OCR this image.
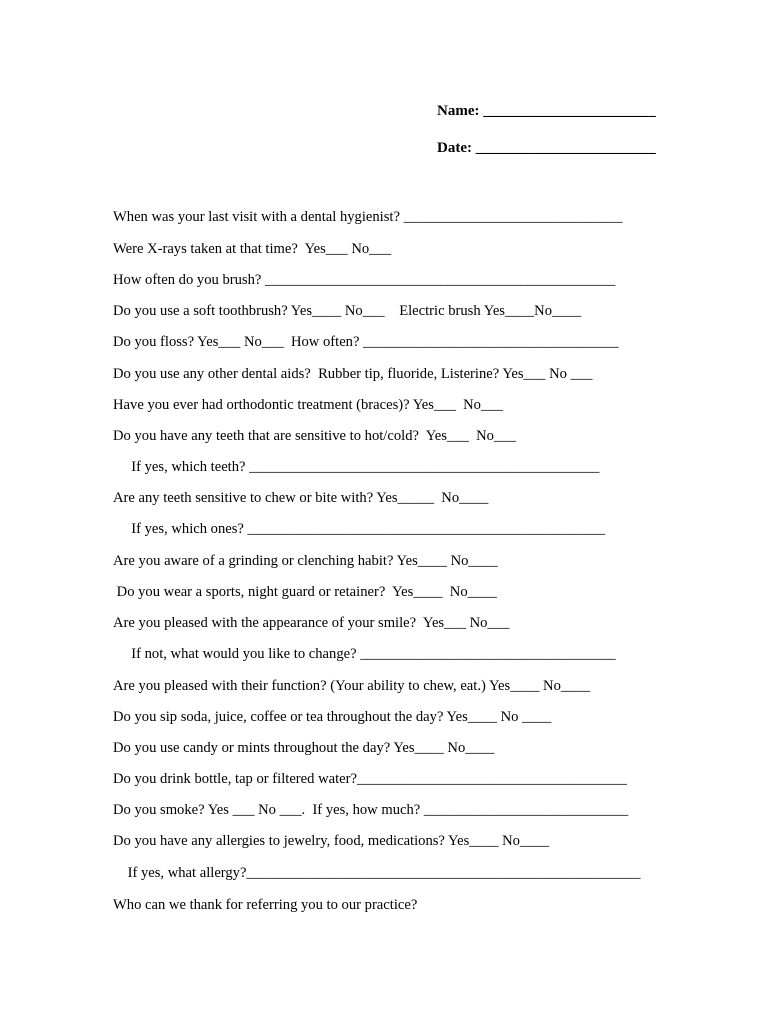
Name: _______________________
Date: ________________________
When was your last visit with a dental hygienist? ______________________________
Were X-rays taken at that time?  Yes___ No___
How often do you brush? ________________________________________________
Do you use a soft toothbrush? Yes____ No___    Electric brush Yes____No____
Do you floss? Yes___ No___  How often? ___________________________________
Do you use any other dental aids?  Rubber tip, fluoride, Listerine? Yes___ No ___
Have you ever had orthodontic treatment (braces)? Yes___  No___
Do you have any teeth that are sensitive to hot/cold?  Yes___  No___
If yes, which teeth? ________________________________________________
Are any teeth sensitive to chew or bite with? Yes_____  No____
If yes, which ones? _________________________________________________
Are you aware of a grinding or clenching habit? Yes____ No____
Do you wear a sports, night guard or retainer?  Yes____  No____
Are you pleased with the appearance of your smile?  Yes___ No___
If not, what would you like to change? ___________________________________
Are you pleased with their function? (Your ability to chew, eat.) Yes____ No____
Do you sip soda, juice, coffee or tea throughout the day? Yes____ No ____
Do you use candy or mints throughout the day? Yes____ No____
Do you drink bottle, tap or filtered water?_____________________________________
Do you smoke? Yes ___ No ___.  If yes, how much? ____________________________
Do you have any allergies to jewelry, food, medications? Yes____ No____
If yes, what allergy?______________________________________________________
Who can we thank for referring you to our practice?
